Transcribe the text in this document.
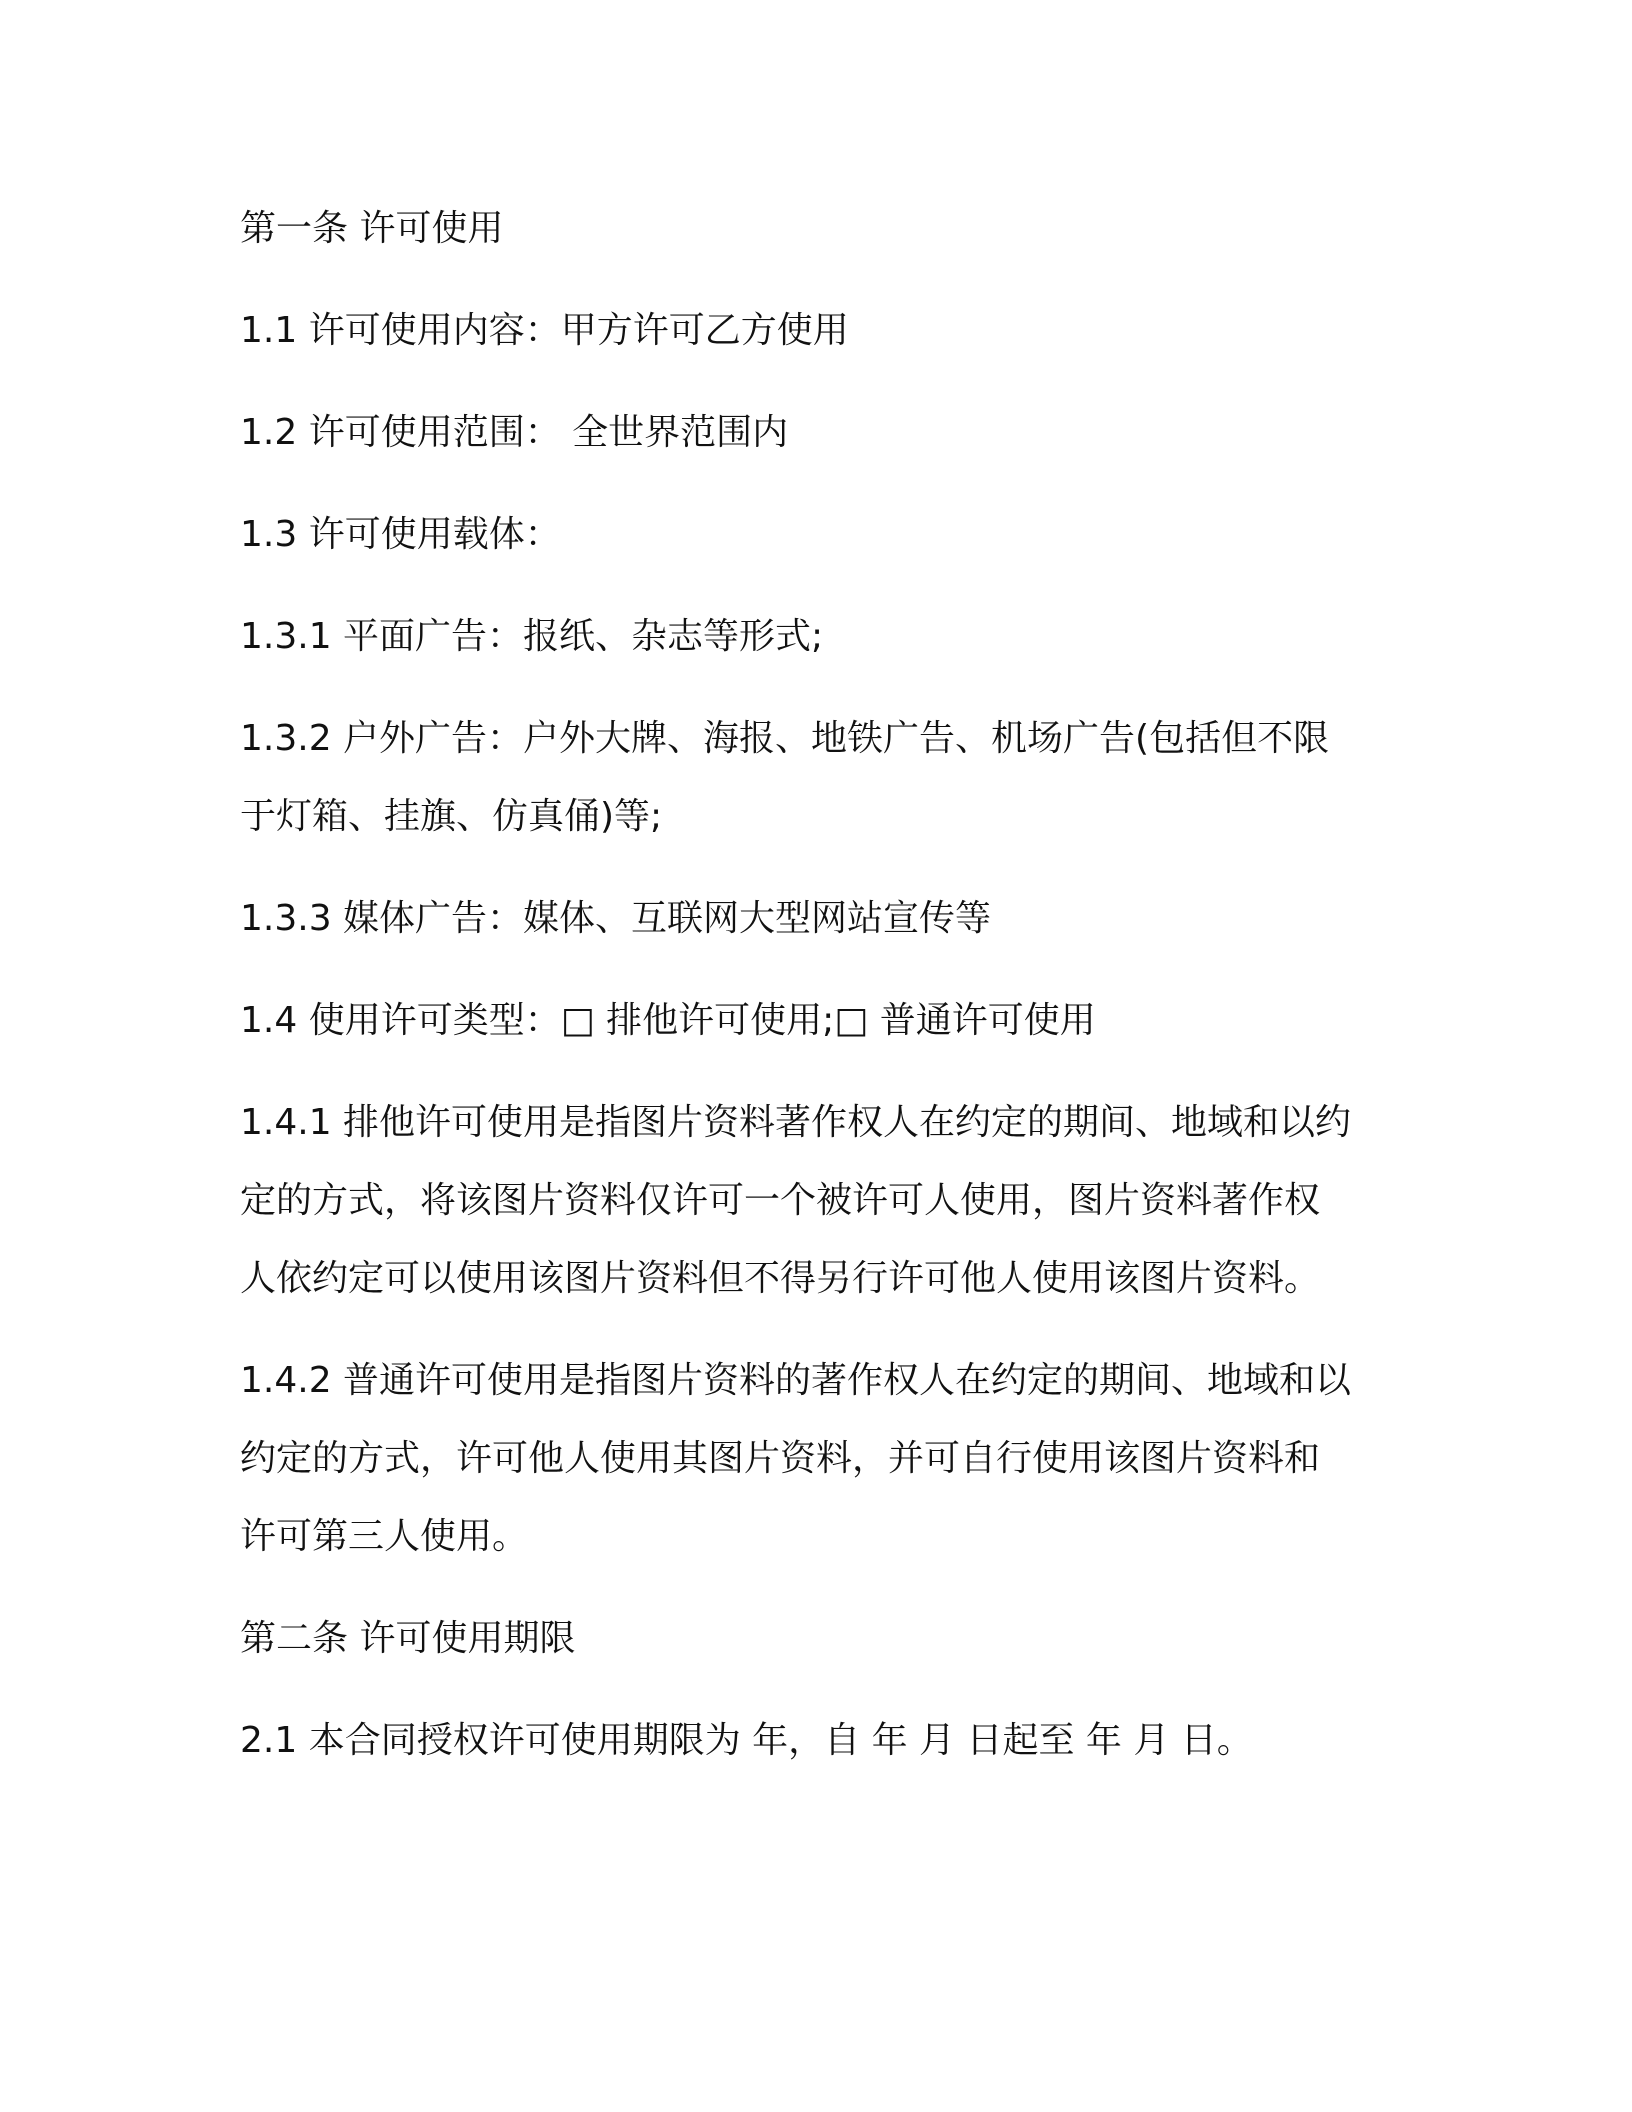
第一条 许可使用

1.1 许可使用内容：甲方许可乙方使用

1.2 许可使用范围： 全世界范围内

1.3 许可使用载体：

1.3.1 平面广告：报纸、杂志等形式;

1.3.2 户外广告：户外大牌、海报、地铁广告、机场广告(包括但不限

于灯箱、挂旗、仿真俑)等;

1.3.3 媒体广告：媒体、互联网大型网站宣传等

1.4 使用许可类型：□ 排他许可使用;□ 普通许可使用

1.4.1 排他许可使用是指图片资料著作权人在约定的期间、地域和以约

定的方式，将该图片资料仅许可一个被许可人使用，图片资料著作权

人依约定可以使用该图片资料但不得另行许可他人使用该图片资料。

1.4.2 普通许可使用是指图片资料的著作权人在约定的期间、地域和以

约定的方式，许可他人使用其图片资料，并可自行使用该图片资料和

许可第三人使用。

第二条 许可使用期限

2.1 本合同授权许可使用期限为 年，自 年 月 日起至 年 月 日。
